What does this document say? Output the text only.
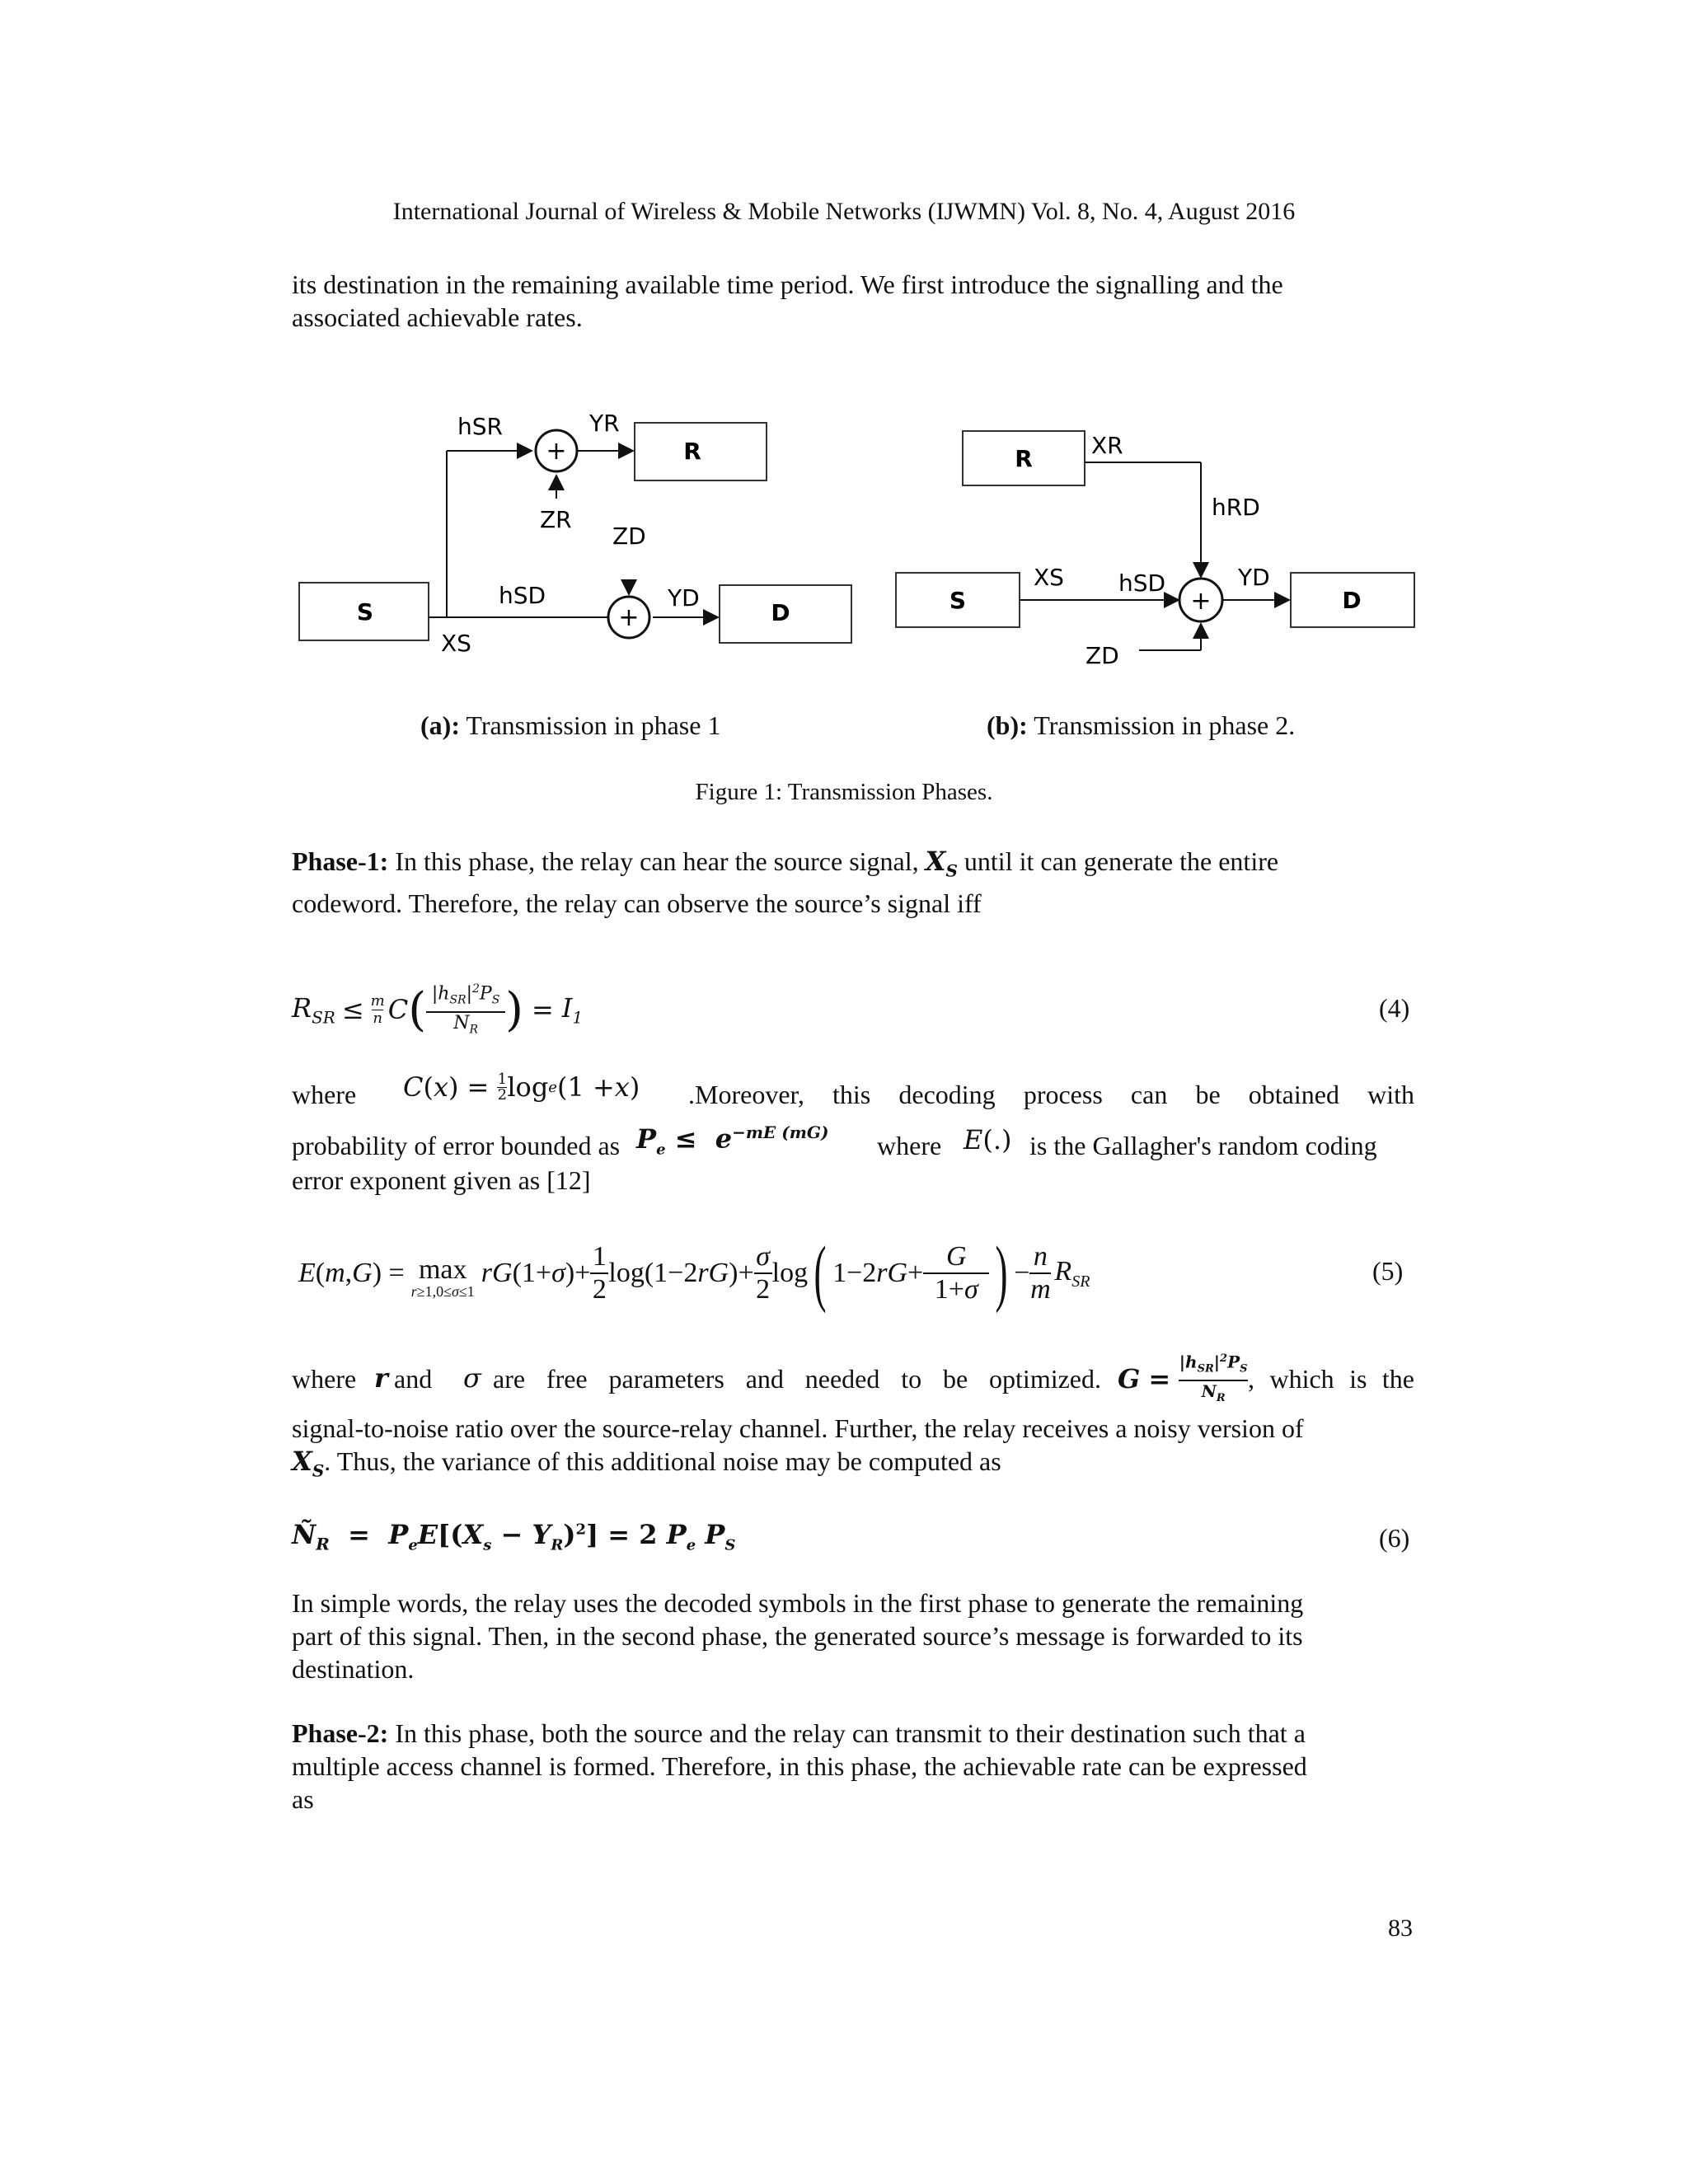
International Journal of Wireless & Mobile Networks (IJWMN) Vol. 8, No. 4, August 2016
its destination in the remaining available time period. We first introduce the signalling and the
associated achievable rates.
S
R
D
+
+
hSR	YR
ZR
ZD
hSD	YD
XS
R
S	D
+
XR
hRD
XS hSD	YD
ZD
(a): Transmission in phase 1	(b): Transmission in phase 2.
Figure 1: Transmission Phases.
Phase-1: In this phase, the relay can hear the source signal, $X_S$ until it can generate the entire
codeword. Therefore, the relay can observe the source’s signal iff
$R_{SR} \le m$
n C ( $|h_{SR}|^2P_S$
$N_R$ ) = $I_1$	(4)
where C ( x ) = 1
2 log e (1 + x ) .Moreover, this decoding process can be obtained with
probability of error bounded as $P_e \le e^{-mE (mG)}$ where E(.) is the Gallagher's random coding
error exponent given as [12]
E(m,G) = max
r≥1,0≤σ≤1
rG(1+σ)+
1
2
log(1−2rG)+
σ
2
log ( 1−2rG+
G
1+σ ) −
n
m
$R_{SR}$	(5)
where r and σ are free parameters and needed to be optimized. G =
$|h_{SR}|^2P_S$
$N_R$
, which is the
signal-to-noise ratio over the source-relay channel. Further, the relay receives a noisy version of
$X_S$. Thus, the variance of this additional noise may be computed as
$Ñ_R = P_eE[(X_s - Y_R)^2] = 2$ $P_e$ $P_S$	(6)
In simple words, the relay uses the decoded symbols in the first phase to generate the remaining
part of this signal. Then, in the second phase, the generated source’s message is forwarded to its
destination.
Phase-2: In this phase, both the source and the relay can transmit to their destination such that a
multiple access channel is formed. Therefore, in this phase, the achievable rate can be expressed
as
83
